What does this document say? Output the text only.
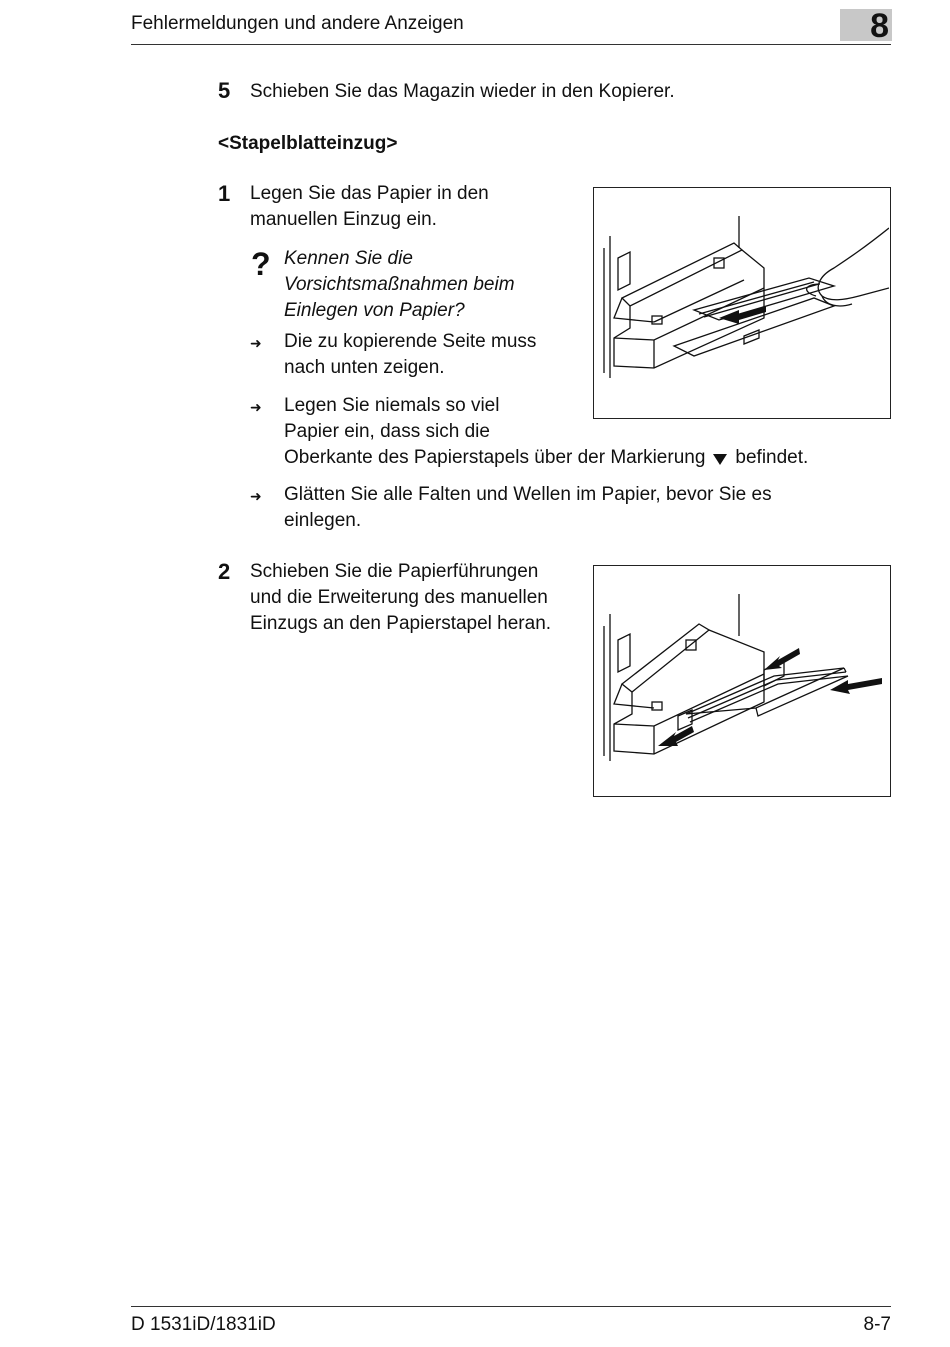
Fehlermeldungen und andere Anzeigen	8
5 Schieben Sie das Magazin wieder in den Kopierer.
<Stapelblatteinzug>
1 Legen Sie das Papier in den
manuellen Einzug ein.
? Kennen Sie die
Vorsichtsmaßnahmen beim
Einlegen von Papier?
➜ Die zu kopierende Seite muss
nach unten zeigen.
➜ Legen Sie niemals so viel
Papier ein, dass sich die
Oberkante des Papierstapels über der Markierung befindet.
➜ Glätten Sie alle Falten und Wellen im Papier, bevor Sie es
einlegen.
2 Schieben Sie die Papierführungen
und die Erweiterung des manuellen
Einzugs an den Papierstapel heran.
D 1531iD/1831iD	8-7
